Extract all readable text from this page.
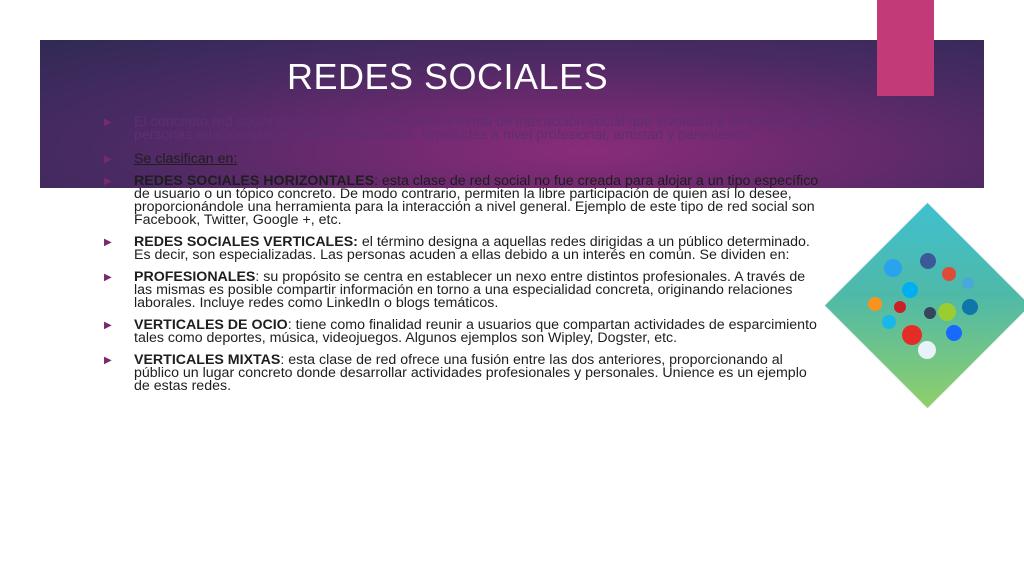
REDES SOCIALES
▶	El concepto red social alude a aquella estructura o forma de interacción social que involucra a un conjunto de personas relacionadas a partir de afinidades, similitudes a nivel profesional, amistad y parentesco.
▶	Se clasifican en:
▶	REDES SOCIALES HORIZONTALES: esta clase de red social no fue creada para alojar a un tipo específico de usuario o un tópico concreto. De modo contrario, permiten la libre participación de quien así lo desee, proporcionándole una herramienta para la interacción a nivel general. Ejemplo de este tipo de red social son Facebook, Twitter, Google +, etc.
▶	REDES SOCIALES VERTICALES: el término designa a aquellas redes dirigidas a un público determinado. Es decir, son especializadas. Las personas acuden a ellas debido a un interés en común. Se dividen en:
▶	PROFESIONALES: su propósito se centra en establecer un nexo entre distintos profesionales. A través de las mismas es posible compartir información en torno a una especialidad concreta, originando relaciones laborales. Incluye redes como LinkedIn o blogs temáticos.
▶	VERTICALES DE OCIO: tiene como finalidad reunir a usuarios que compartan actividades de esparcimiento tales como deportes, música, videojuegos. Algunos ejemplos son Wipley, Dogster, etc.
▶	VERTICALES MIXTAS: esta clase de red ofrece una fusión entre las dos anteriores, proporcionando al público un lugar concreto donde desarrollar actividades profesionales y personales. Unience es un ejemplo de estas redes.
